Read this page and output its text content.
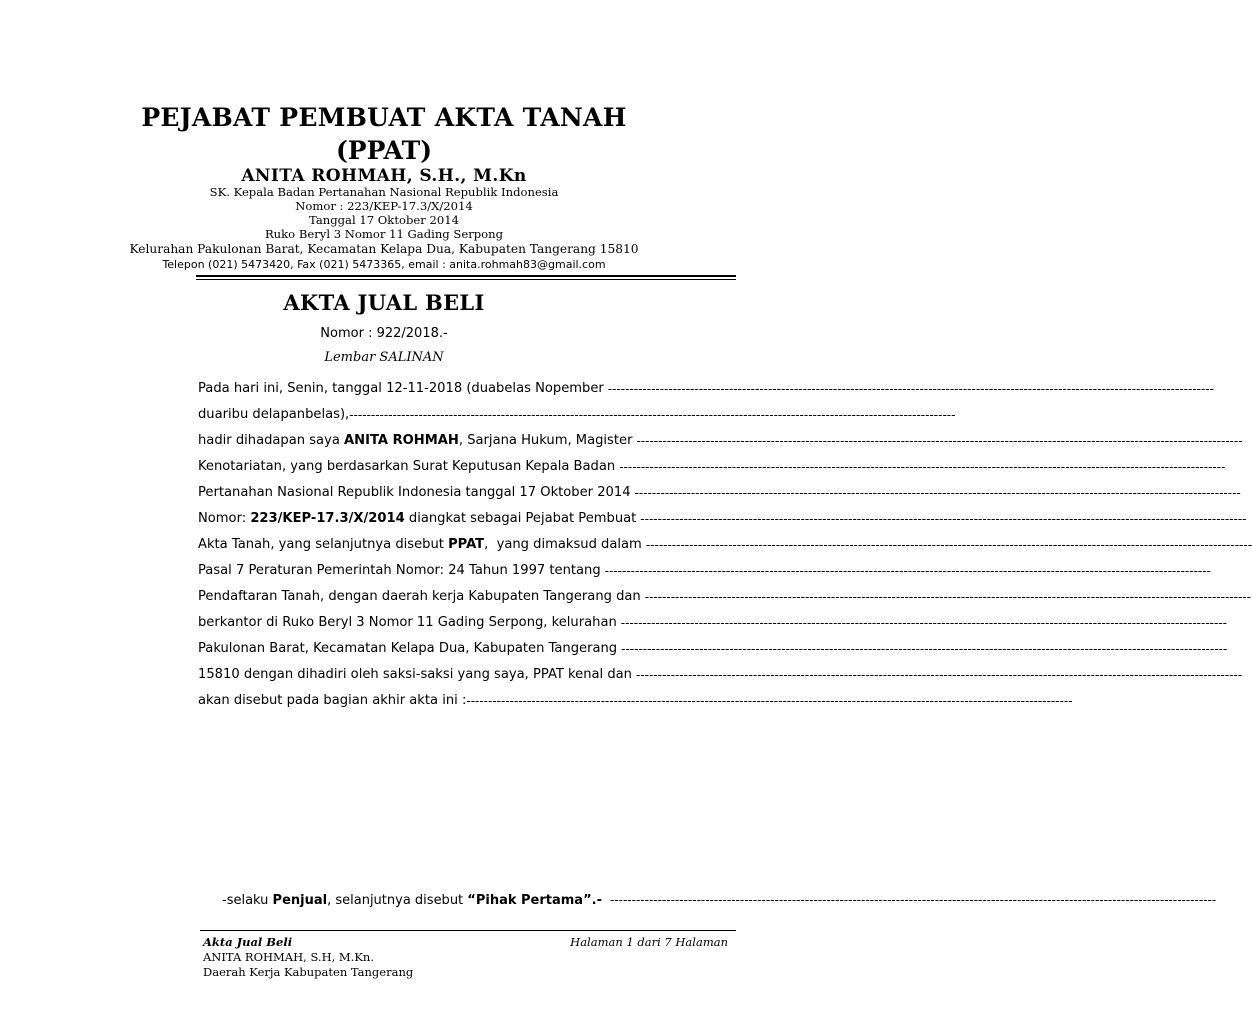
PEJABAT PEMBUAT AKTA TANAH
(PPAT)
ANITA ROHMAH, S.H., M.Kn
SK. Kepala Badan Pertanahan Nasional Republik Indonesia
Nomor : 223/KEP-17.3/X/2014
Tanggal 17 Oktober 2014
Ruko Beryl 3 Nomor 11 Gading Serpong
Kelurahan Pakulonan Barat, Kecamatan Kelapa Dua, Kabupaten Tangerang 15810
Telepon (021) 5473420, Fax (021) 5473365, email : anita.rohmah83@gmail.com
AKTA JUAL BELI
Nomor : 922/2018.-
Lembar SALINAN
Pada hari ini, Senin, tanggal 12-11-2018 (duabelas Nopember --------------------------------------------------------------------------------------------------------------------------------------------
duaribu delapanbelas), --------------------------------------------------------------------------------------------------------------------------------------------
hadir dihadapan saya ANITA ROHMAH, Sarjana Hukum, Magister --------------------------------------------------------------------------------------------------------------------------------------------
Kenotariatan, yang berdasarkan Surat Keputusan Kepala Badan --------------------------------------------------------------------------------------------------------------------------------------------
Pertanahan Nasional Republik Indonesia tanggal 17 Oktober 2014 --------------------------------------------------------------------------------------------------------------------------------------------
Nomor: 223/KEP-17.3/X/2014 diangkat sebagai Pejabat Pembuat --------------------------------------------------------------------------------------------------------------------------------------------
Akta Tanah, yang selanjutnya disebut PPAT,  yang dimaksud dalam --------------------------------------------------------------------------------------------------------------------------------------------
Pasal 7 Peraturan Pemerintah Nomor: 24 Tahun 1997 tentang --------------------------------------------------------------------------------------------------------------------------------------------
Pendaftaran Tanah, dengan daerah kerja Kabupaten Tangerang dan --------------------------------------------------------------------------------------------------------------------------------------------
berkantor di Ruko Beryl 3 Nomor 11 Gading Serpong, kelurahan --------------------------------------------------------------------------------------------------------------------------------------------
Pakulonan Barat, Kecamatan Kelapa Dua, Kabupaten Tangerang --------------------------------------------------------------------------------------------------------------------------------------------
15810 dengan dihadiri oleh saksi-saksi yang saya, PPAT kenal dan --------------------------------------------------------------------------------------------------------------------------------------------
akan disebut pada bagian akhir akta ini : --------------------------------------------------------------------------------------------------------------------------------------------
-selaku Penjual , selanjutnya disebut “Pihak Pertama”.- --------------------------------------------------------------------------------------------------------------------------------------------
Akta Jual Beli
ANITA ROHMAH, S.H, M.Kn.
Daerah Kerja Kabupaten Tangerang
Halaman 1 dari 7 Halaman
